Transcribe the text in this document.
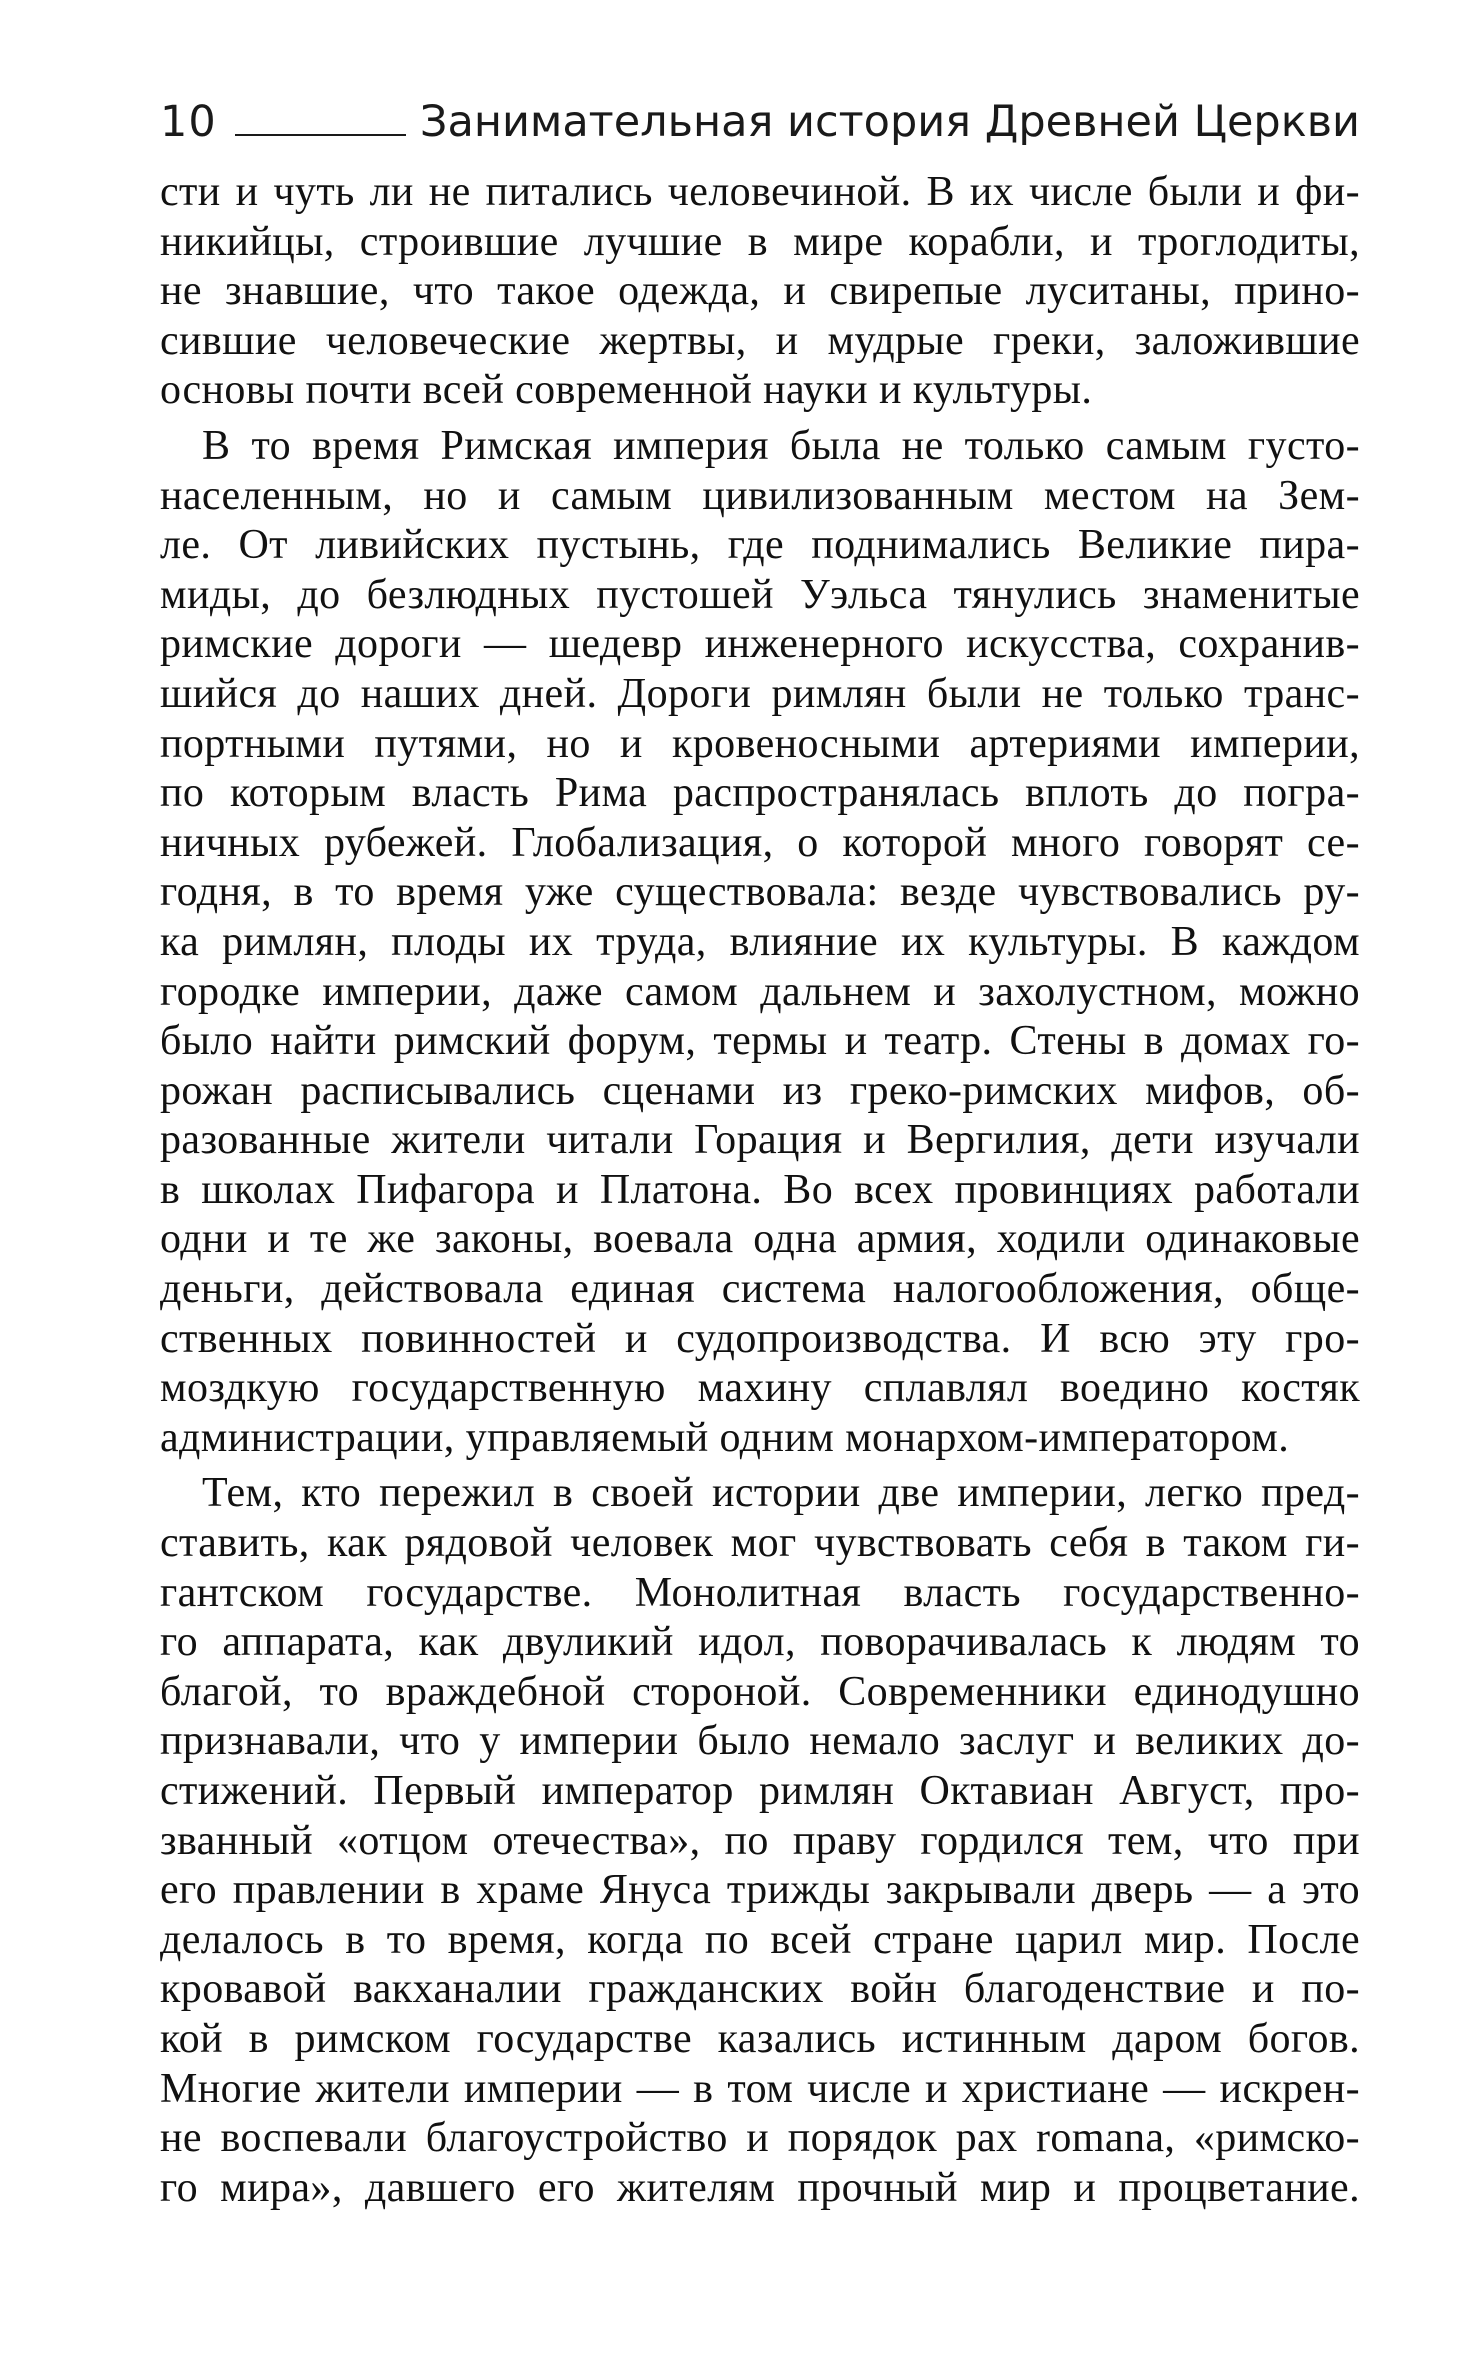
10	Занимательная история Древней Церкви
сти и чуть ли не питались человечиной. В их числе были и фи-
никийцы, строившие лучшие в мире корабли, и троглодиты,
не знавшие, что такое одежда, и свирепые луситаны, прино-
сившие человеческие жертвы, и мудрые греки, заложившие
основы почти всей современной науки и культуры.
В то время Римская империя была не только самым густо-
населенным, но и самым цивилизованным местом на Зем-
ле. От ливийских пустынь, где поднимались Великие пира-
миды, до безлюдных пустошей Уэльса тянулись знаменитые
римские дороги — шедевр инженерного искусства, сохранив-
шийся до наших дней. Дороги римлян были не только транс-
портными путями, но и кровеносными артериями империи,
по которым власть Рима распространялась вплоть до погра-
ничных рубежей. Глобализация, о которой много говорят се-
годня, в то время уже существовала: везде чувствовались ру-
ка римлян, плоды их труда, влияние их культуры. В каждом
городке империи, даже самом дальнем и захолустном, можно
было найти римский форум, термы и театр. Стены в домах го-
рожан расписывались сценами из греко-римских мифов, об-
разованные жители читали Горация и Вергилия, дети изучали
в школах Пифагора и Платона. Во всех провинциях работали
одни и те же законы, воевала одна армия, ходили одинаковые
деньги, действовала единая система налогообложения, обще-
ственных повинностей и судопроизводства. И всю эту гро-
моздкую государственную махину сплавлял воедино костяк
администрации, управляемый одним монархом-императором.
Тем, кто пережил в своей истории две империи, легко пред-
ставить, как рядовой человек мог чувствовать себя в таком ги-
гантском государстве. Монолитная власть государственно-
го аппарата, как двуликий идол, поворачивалась к людям то
благой, то враждебной стороной. Современники единодушно
признавали, что у империи было немало заслуг и великих до-
стижений. Первый император римлян Октавиан Август, про-
званный «отцом отечества», по праву гордился тем, что при
его правлении в храме Януса трижды закрывали дверь — а это
делалось в то время, когда по всей стране царил мир. После
кровавой вакханалии гражданских войн благоденствие и по-
кой в римском государстве казались истинным даром богов.
Многие жители империи — в том числе и христиане — искрен-
не воспевали благоустройство и порядок pax romana, «римско-
го мира», давшего его жителям прочный мир и процветание.
